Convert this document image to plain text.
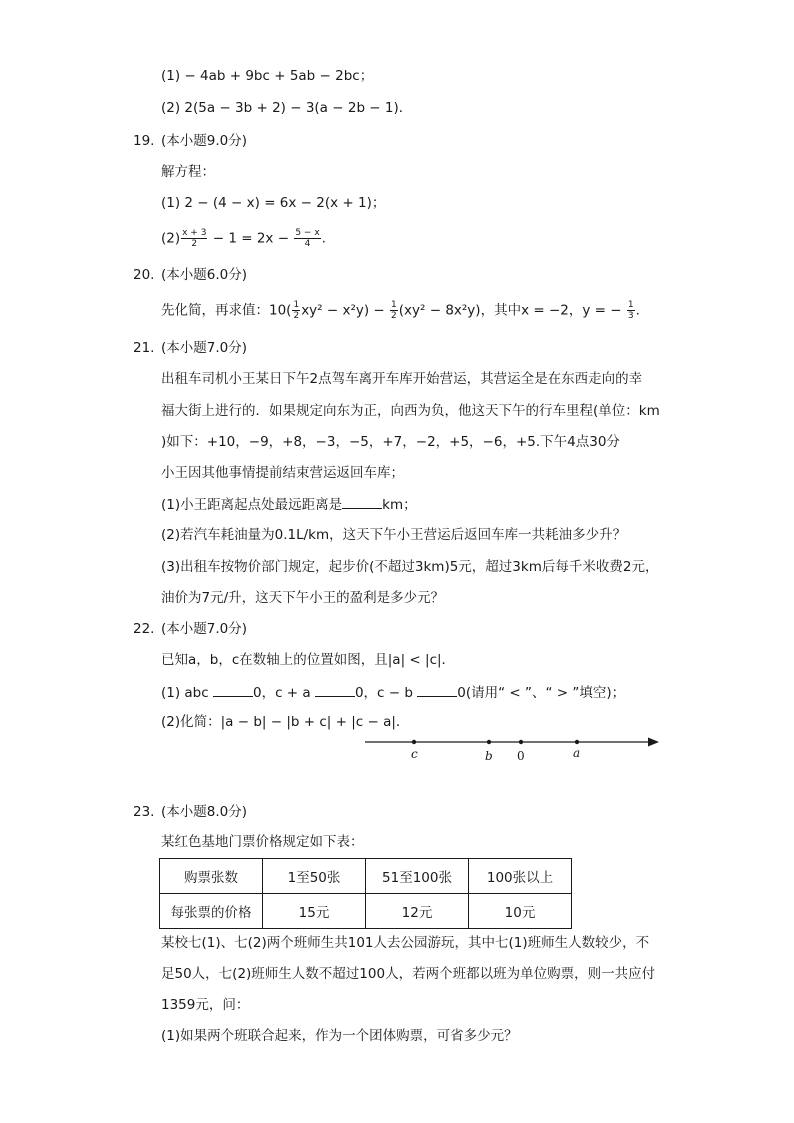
(1) − 4ab + 9bc + 5ab − 2bc；
(2) 2(5a − 3b + 2) − 3(a − 2b − 1)．
19. (本小题9.0分)
解方程：
(1) 2 − (4 − x) = 6x − 2(x + 1)；
$(2) \frac{x + 3}{2} - 1 = 2x - \frac{5 - x}{4}$ .
20. (本小题6.0分)
先化简，再求值：$10( \frac{1}{2} xy^2 - x^2y) - \frac{1}{2} (xy^2 - 8x^2y)$，其中x = −2，y = − $\frac{1}{3}$ .
21. (本小题7.0分)
出租车司机小王某日下午2点驾车离开车库开始营运，其营运全是在东西走向的幸
福大街上进行的．如果规定向东为正，向西为负，他这天下午的行车里程(单位：km
)如下：+10，−9，+8，−3，−5，+7，−2，+5，−6，+5.下午4点30分
小王因其他事情提前结束营运返回车库；
(1)小王距离起点处最远距离是	km；
(2)若汽车耗油量为0.1L/km，这天下午小王营运后返回车库一共耗油多少升？
(3)出租车按物价部门规定，起步价(不超过3km)5元，超过3km后每千米收费2元，
油价为7元/升，这天下午小王的盈利是多少元？
22. (本小题7.0分)
已知a，b，c在数轴上的位置如图，且|a| < |c|．
(1) abc	0，c + a	0，c − b	0(请用“ < ”、“ > ”填空)；
(2)化简：|a − b| − |b + c| + |c − a|．
c	b 0	a
23. (本小题8.0分)
某红色基地门票价格规定如下表：
购票张数	1至50张	51至100张	100张以上
每张票的价格	15元	12元	10元
某校七(1)、七(2)两个班师生共101人去公园游玩，其中七(1)班师生人数较少，不
足50人，七(2)班师生人数不超过100人，若两个班都以班为单位购票，则一共应付
1359元，问：
(1)如果两个班联合起来，作为一个团体购票，可省多少元？
